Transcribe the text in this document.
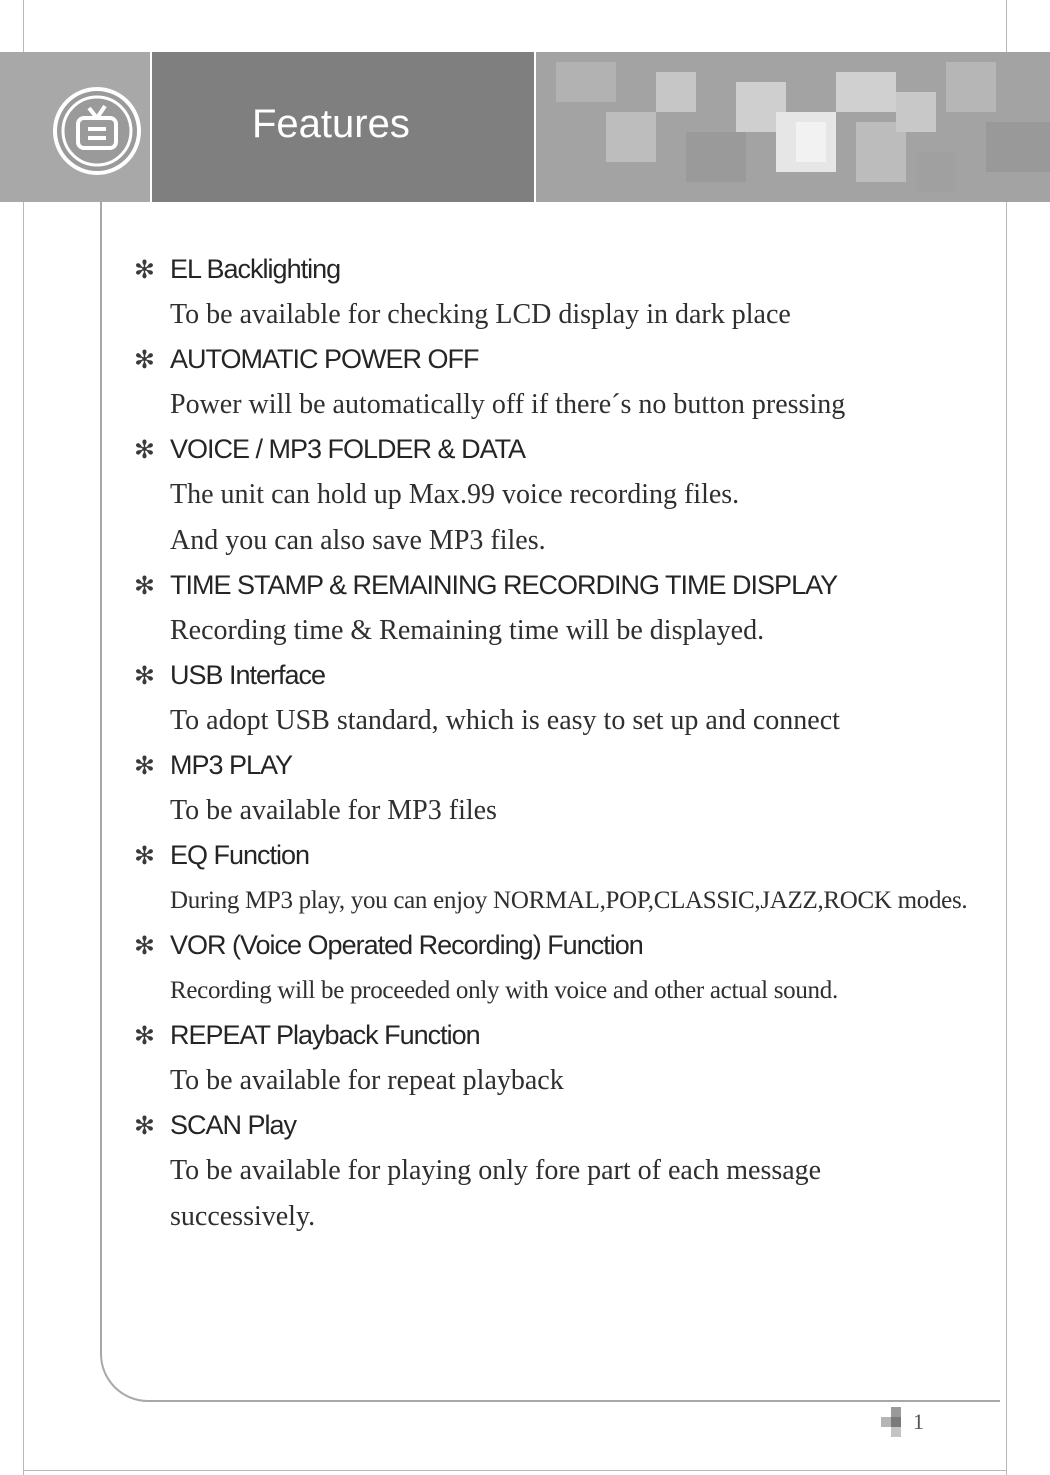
Features
✻ EL Backlighting

To be available for checking LCD display in dark place

✻ AUTOMATIC POWER OFF

Power will be automatically off if there´s no button pressing

✻ VOICE / MP3 FOLDER & DATA

The unit can hold up Max.99 voice recording files.

And you can also save MP3 files.

✻ TIME STAMP & REMAINING RECORDING TIME DISPLAY

Recording time & Remaining time will be displayed.

✻ USB Interface

To adopt USB standard, which is easy to set up and connect

✻ MP3 PLAY

To be available for MP3 files

✻ EQ Function

During MP3 play, you can enjoy NORMAL,POP,CLASSIC,JAZZ,ROCK modes.

✻ VOR (Voice Operated Recording) Function

Recording will be proceeded only with voice and other actual sound.

✻ REPEAT Playback Function

To be available for repeat playback

✻ SCAN Play

To be available for playing only fore part of each message successively.

1
